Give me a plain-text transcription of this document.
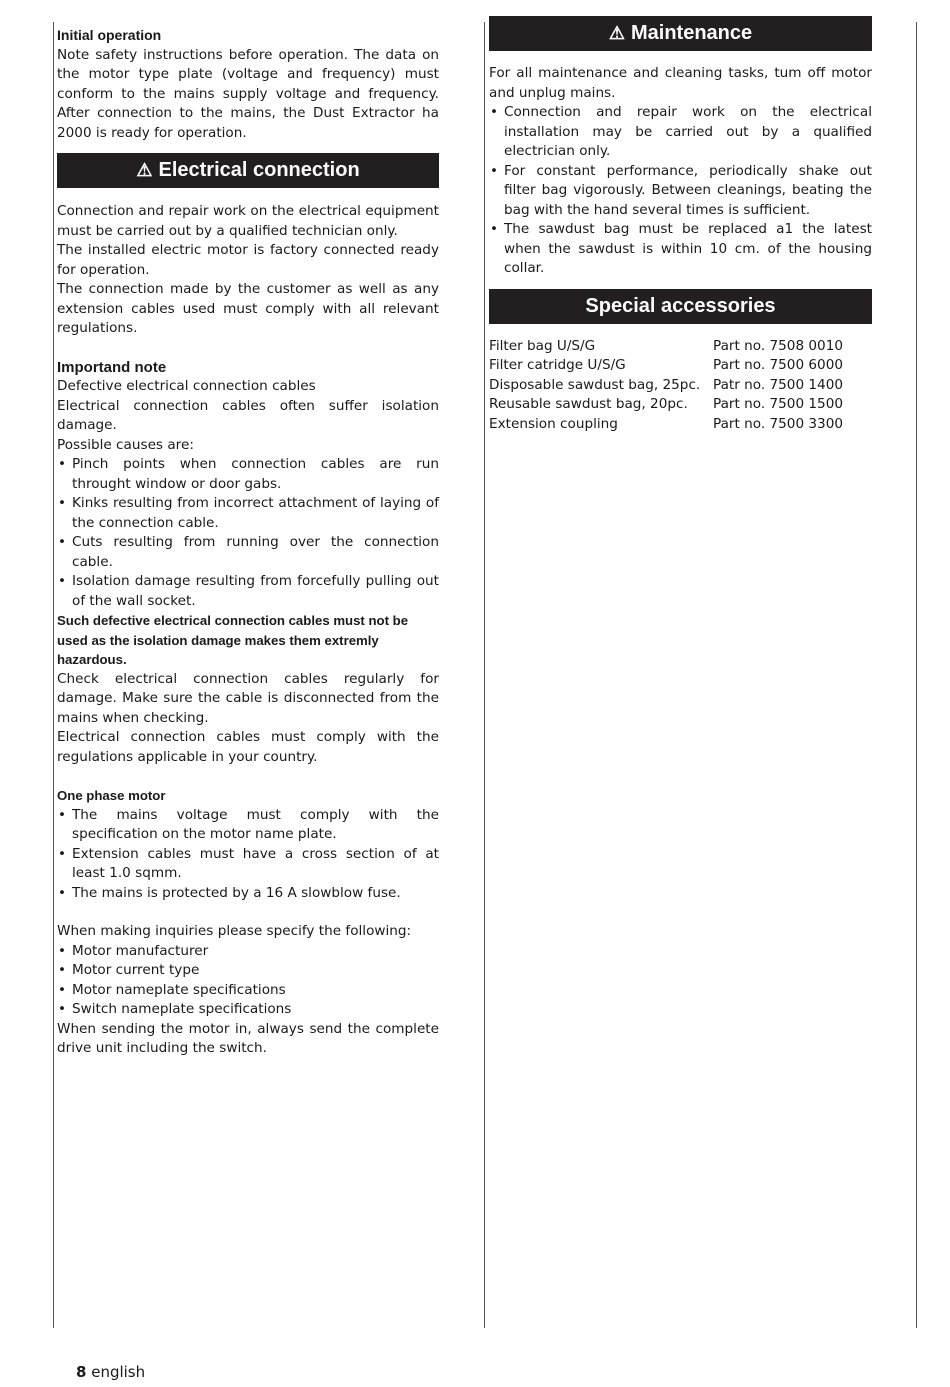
Initial operation

Note safety instructions before operation. The data on the motor type plate (voltage and frequency) must conform to the mains supply voltage and frequency. After connection to the mains, the Dust Extractor ha 2000 is ready for operation.

⚠ Electrical connection

Connection and repair work on the electrical equipment must be carried out by a qualified technician only.

The installed electric motor is factory connected ready for operation.

The connection made by the customer as well as any extension cables used must comply with all relevant regulations.

Importand note

Defective electrical connection cables

Electrical connection cables often suffer isolation damage.

Possible causes are:

• Pinch points when connection cables are run throught window or door gabs.
• Kinks resulting from incorrect attachment of laying of the connection cable.
• Cuts resulting from running over the connection cable.
• Isolation damage resulting from forcefully pulling out of the wall socket.

Such defective electrical connection cables must not be used as the isolation damage makes them extremly hazardous.

Check electrical connection cables regularly for damage. Make sure the cable is disconnected from the mains when checking.

Electrical connection cables must comply with the regulations applicable in your country.

One phase motor
• The mains voltage must comply with the specification on the motor name plate.
• Extension cables must have a cross section of at least 1.0 sqmm.
• The mains is protected by a 16 A slowblow fuse.

When making inquiries please specify the following:

• Motor manufacturer
• Motor current type
• Motor nameplate specifications
• Switch nameplate specifications

When sending the motor in, always send the complete drive unit including the switch.

⚠ Maintenance

For all maintenance and cleaning tasks, tum off motor and unplug mains.

• Connection and repair work on the electrical installation may be carried out by a qualified electrician only.
• For constant performance, periodically shake out filter bag vigorously. Between cleanings, beating the bag with the hand several times is sufficient.
• The sawdust bag must be replaced a1 the latest when the sawdust is within 10 cm. of the housing collar.
Special accessories
Filter bag U/S/G	Part no. 7508 0010
Filter catridge U/S/G	Part no. 7500 6000
Disposable sawdust bag, 25pc.	Patr no. 7500 1400
Reusable sawdust bag, 20pc.	Part no. 7500 1500
Extension coupling	Part no. 7500 3300
8 english
